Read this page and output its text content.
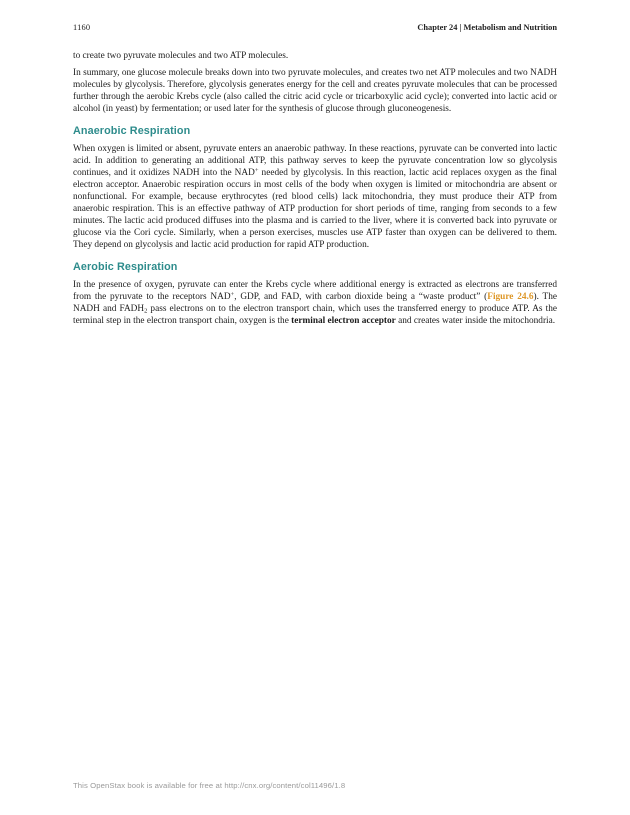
1160	Chapter 24 | Metabolism and Nutrition

to create two pyruvate molecules and two ATP molecules.

In summary, one glucose molecule breaks down into two pyruvate molecules, and creates two net ATP molecules and two NADH molecules by glycolysis. Therefore, glycolysis generates energy for the cell and creates pyruvate molecules that can be processed further through the aerobic Krebs cycle (also called the citric acid cycle or tricarboxylic acid cycle); converted into lactic acid or alcohol (in yeast) by fermentation; or used later for the synthesis of glucose through gluconeogenesis.

Anaerobic Respiration

When oxygen is limited or absent, pyruvate enters an anaerobic pathway. In these reactions, pyruvate can be converted into lactic acid. In addition to generating an additional ATP, this pathway serves to keep the pyruvate concentration low so glycolysis continues, and it oxidizes NADH into the NAD+ needed by glycolysis. In this reaction, lactic acid replaces oxygen as the final electron acceptor. Anaerobic respiration occurs in most cells of the body when oxygen is limited or mitochondria are absent or nonfunctional. For example, because erythrocytes (red blood cells) lack mitochondria, they must produce their ATP from anaerobic respiration. This is an effective pathway of ATP production for short periods of time, ranging from seconds to a few minutes. The lactic acid produced diffuses into the plasma and is carried to the liver, where it is converted back into pyruvate or glucose via the Cori cycle. Similarly, when a person exercises, muscles use ATP faster than oxygen can be delivered to them. They depend on glycolysis and lactic acid production for rapid ATP production.

Aerobic Respiration

In the presence of oxygen, pyruvate can enter the Krebs cycle where additional energy is extracted as electrons are transferred from the pyruvate to the receptors NAD+, GDP, and FAD, with carbon dioxide being a “waste product” (Figure 24.6). The NADH and $FADH_2$ pass electrons on to the electron transport chain, which uses the transferred energy to produce ATP. As the terminal step in the electron transport chain, oxygen is the terminal electron acceptor and creates water inside the mitochondria.

This OpenStax book is available for free at http://cnx.org/content/col11496/1.8
